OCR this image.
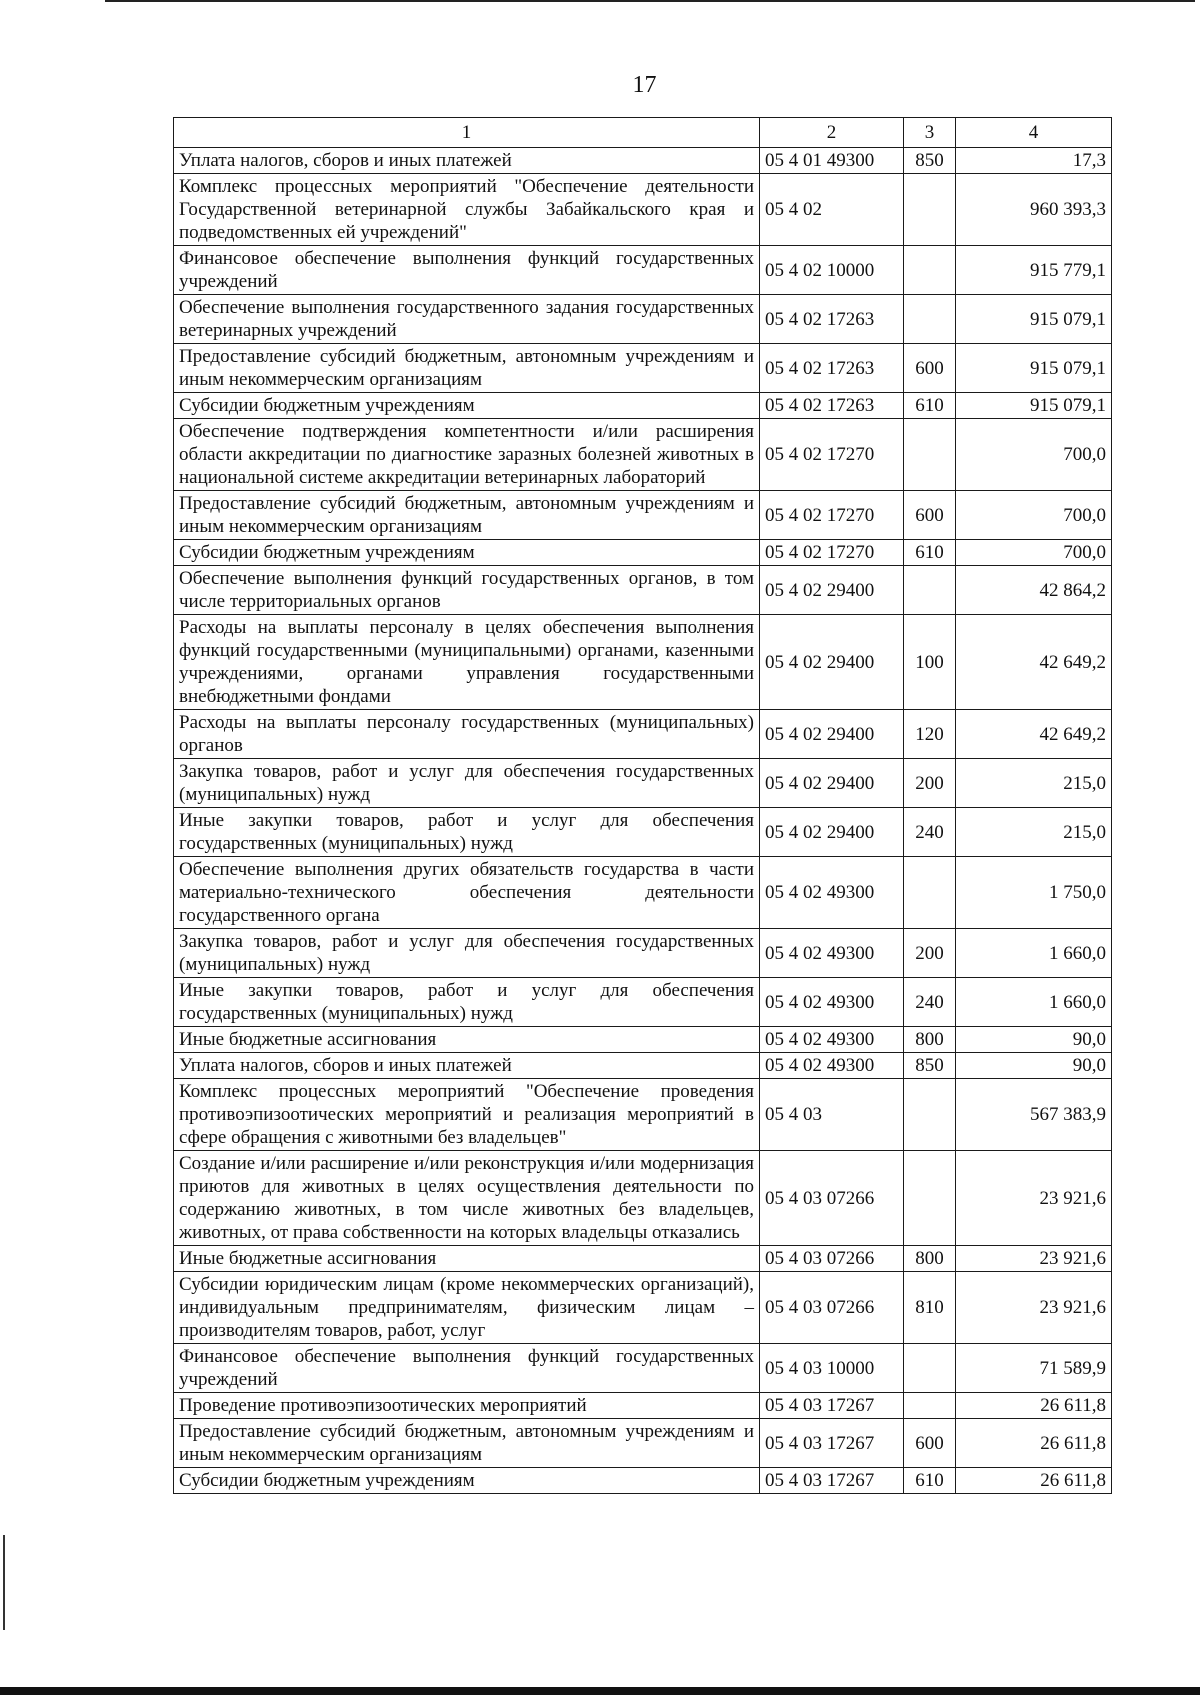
17
1	2	3	4
Уплата налогов, сборов и иных платежей	05 4 01 49300	850	17,3
Комплекс процессных мероприятий "Обеспечение деятельности Государственной ветеринарной службы Забайкальского края и подведомственных ей учреждений"	05 4 02		960 393,3
Финансовое обеспечение выполнения функций государственных учреждений	05 4 02 10000		915 779,1
Обеспечение выполнения государственного задания государственных ветеринарных учреждений	05 4 02 17263		915 079,1
Предоставление субсидий бюджетным, автономным учреждениям и иным некоммерческим организациям	05 4 02 17263	600	915 079,1
Субсидии бюджетным учреждениям	05 4 02 17263	610	915 079,1
Обеспечение подтверждения компетентности и/или расширения области аккредитации по диагностике заразных болезней животных в национальной системе аккредитации ветеринарных лабораторий	05 4 02 17270		700,0
Предоставление субсидий бюджетным, автономным учреждениям и иным некоммерческим организациям	05 4 02 17270	600	700,0
Субсидии бюджетным учреждениям	05 4 02 17270	610	700,0
Обеспечение выполнения функций государственных органов, в том числе территориальных органов	05 4 02 29400		42 864,2
Расходы на выплаты персоналу в целях обеспечения выполнения функций государственными (муниципальными) органами, казенными учреждениями, органами управления государственными внебюджетными фондами	05 4 02 29400	100	42 649,2
Расходы на выплаты персоналу государственных (муниципальных) органов	05 4 02 29400	120	42 649,2
Закупка товаров, работ и услуг для обеспечения государственных (муниципальных) нужд	05 4 02 29400	200	215,0
Иные закупки товаров, работ и услуг для обеспечения государственных (муниципальных) нужд	05 4 02 29400	240	215,0
Обеспечение выполнения других обязательств государства в части материально-технического обеспечения деятельности государственного органа	05 4 02 49300		1 750,0
Закупка товаров, работ и услуг для обеспечения государственных (муниципальных) нужд	05 4 02 49300	200	1 660,0
Иные закупки товаров, работ и услуг для обеспечения государственных (муниципальных) нужд	05 4 02 49300	240	1 660,0
Иные бюджетные ассигнования	05 4 02 49300	800	90,0
Уплата налогов, сборов и иных платежей	05 4 02 49300	850	90,0
Комплекс процессных мероприятий "Обеспечение проведения противоэпизоотических мероприятий и реализация мероприятий в сфере обращения с животными без владельцев"	05 4 03		567 383,9
Создание и/или расширение и/или реконструкция и/или модернизация приютов для животных в целях осуществления деятельности по содержанию животных, в том числе животных без владельцев, животных, от права собственности на которых владельцы отказались	05 4 03 07266		23 921,6
Иные бюджетные ассигнования	05 4 03 07266	800	23 921,6
Субсидии юридическим лицам (кроме некоммерческих организаций), индивидуальным предпринимателям, физическим лицам – производителям товаров, работ, услуг	05 4 03 07266	810	23 921,6
Финансовое обеспечение выполнения функций государственных учреждений	05 4 03 10000		71 589,9
Проведение противоэпизоотических мероприятий	05 4 03 17267		26 611,8
Предоставление субсидий бюджетным, автономным учреждениям и иным некоммерческим организациям	05 4 03 17267	600	26 611,8
Субсидии бюджетным учреждениям	05 4 03 17267	610	26 611,8
